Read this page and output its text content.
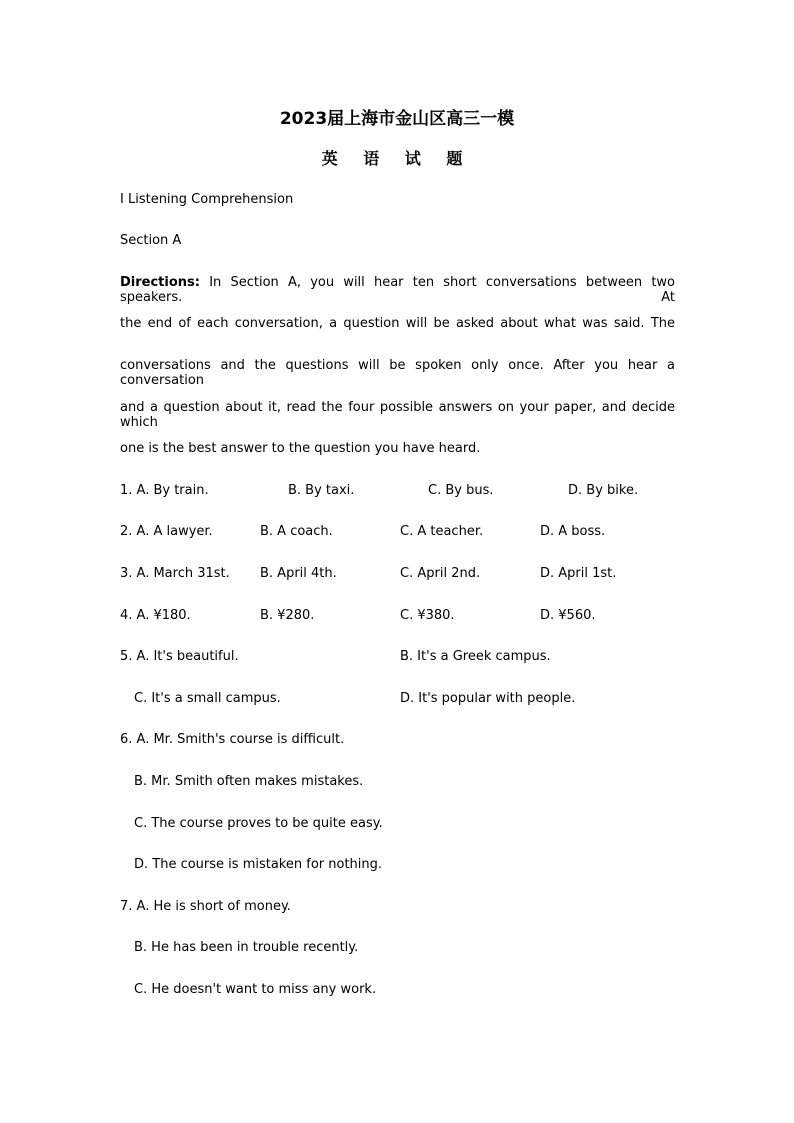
2023届上海市金山区高三一模
英 语 试 题
I Listening Comprehension
Section A
Directions: In Section A, you will hear ten short conversations between two speakers. At
the end of each conversation, a question will be asked about what was said. The
conversations and the questions will be spoken only once. After you hear a conversation
and a question about it, read the four possible answers on your paper, and decide which
one is the best answer to the question you have heard.
1. A. By train.	B. By taxi.	C. By bus.	D. By bike.
2. A. A lawyer.	B. A coach.	C. A teacher.	D. A boss.
3. A. March 31st. B. April 4th.	C. April 2nd.	D. April 1st.
4. A. ¥180.	B. ¥280.	C. ¥380.	D. ¥560.
5. A. It's beautiful.	B. It's a Greek campus.
C. It's a small campus.	D. It's popular with people.
6. A. Mr. Smith's course is difficult.
B. Mr. Smith often makes mistakes.
C. The course proves to be quite easy.
D. The course is mistaken for nothing.
7. A. He is short of money.
B. He has been in trouble recently.
C. He doesn't want to miss any work.
